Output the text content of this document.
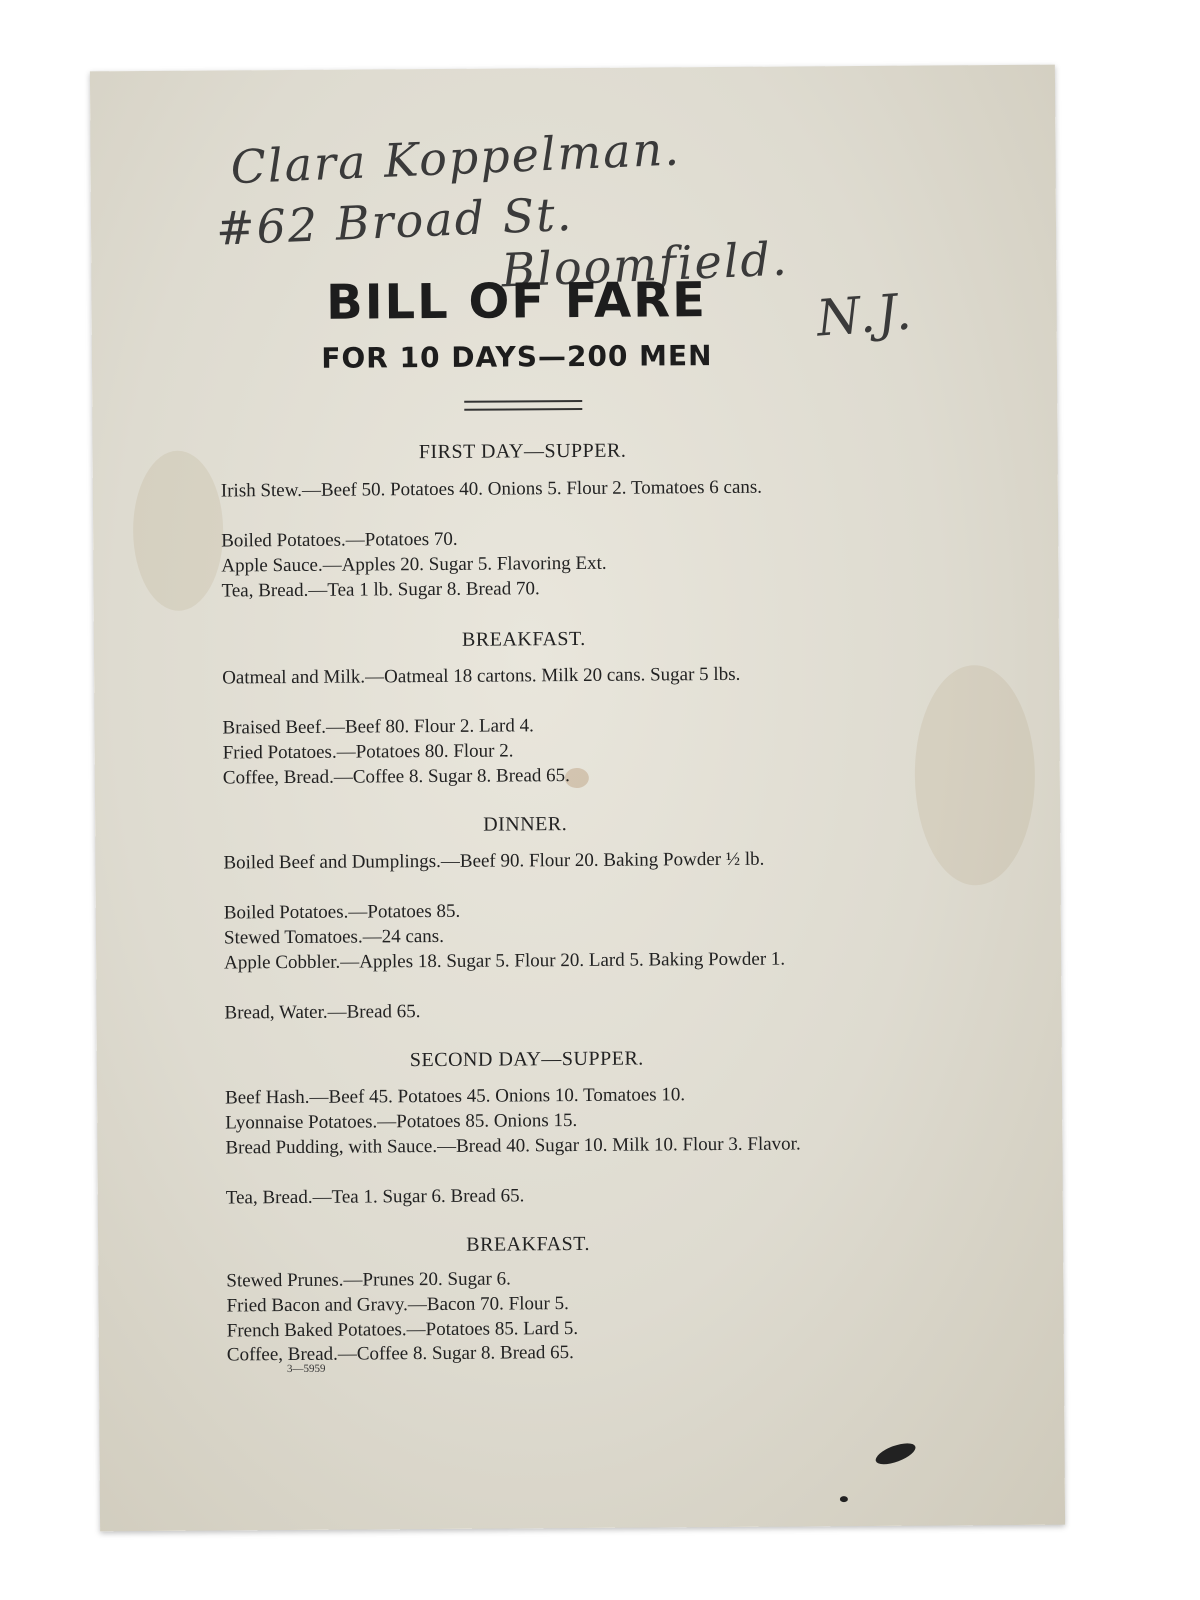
Clara Koppelman.
#62 Broad St.
Bloomfield.
N.J.
BILL OF FARE
FOR 10 DAYS—200 MEN
FIRST DAY—SUPPER.
Irish Stew.—Beef 50. Potatoes 40. Onions 5. Flour 2. Tomatoes 6 cans.
Boiled Potatoes.—Potatoes 70.
Apple Sauce.—Apples 20. Sugar 5. Flavoring Ext.
Tea, Bread.—Tea 1 lb. Sugar 8. Bread 70.
BREAKFAST.
Oatmeal and Milk.—Oatmeal 18 cartons. Milk 20 cans. Sugar 5 lbs.
Braised Beef.—Beef 80. Flour 2. Lard 4.
Fried Potatoes.—Potatoes 80. Flour 2.
Coffee, Bread.—Coffee 8. Sugar 8. Bread 65.
DINNER.
Boiled Beef and Dumplings.—Beef 90. Flour 20. Baking Powder ½ lb.
Boiled Potatoes.—Potatoes 85.
Stewed Tomatoes.—24 cans.
Apple Cobbler.—Apples 18. Sugar 5. Flour 20. Lard 5. Baking Powder 1.
Bread, Water.—Bread 65.
SECOND DAY—SUPPER.
Beef Hash.—Beef 45. Potatoes 45. Onions 10. Tomatoes 10.
Lyonnaise Potatoes.—Potatoes 85. Onions 15.
Bread Pudding, with Sauce.—Bread 40. Sugar 10. Milk 10. Flour 3. Flavor.
Tea, Bread.—Tea 1. Sugar 6. Bread 65.
BREAKFAST.
Stewed Prunes.—Prunes 20. Sugar 6.
Fried Bacon and Gravy.—Bacon 70. Flour 5.
French Baked Potatoes.—Potatoes 85. Lard 5.
Coffee, Bread.—Coffee 8. Sugar 8. Bread 65.
3—5959
